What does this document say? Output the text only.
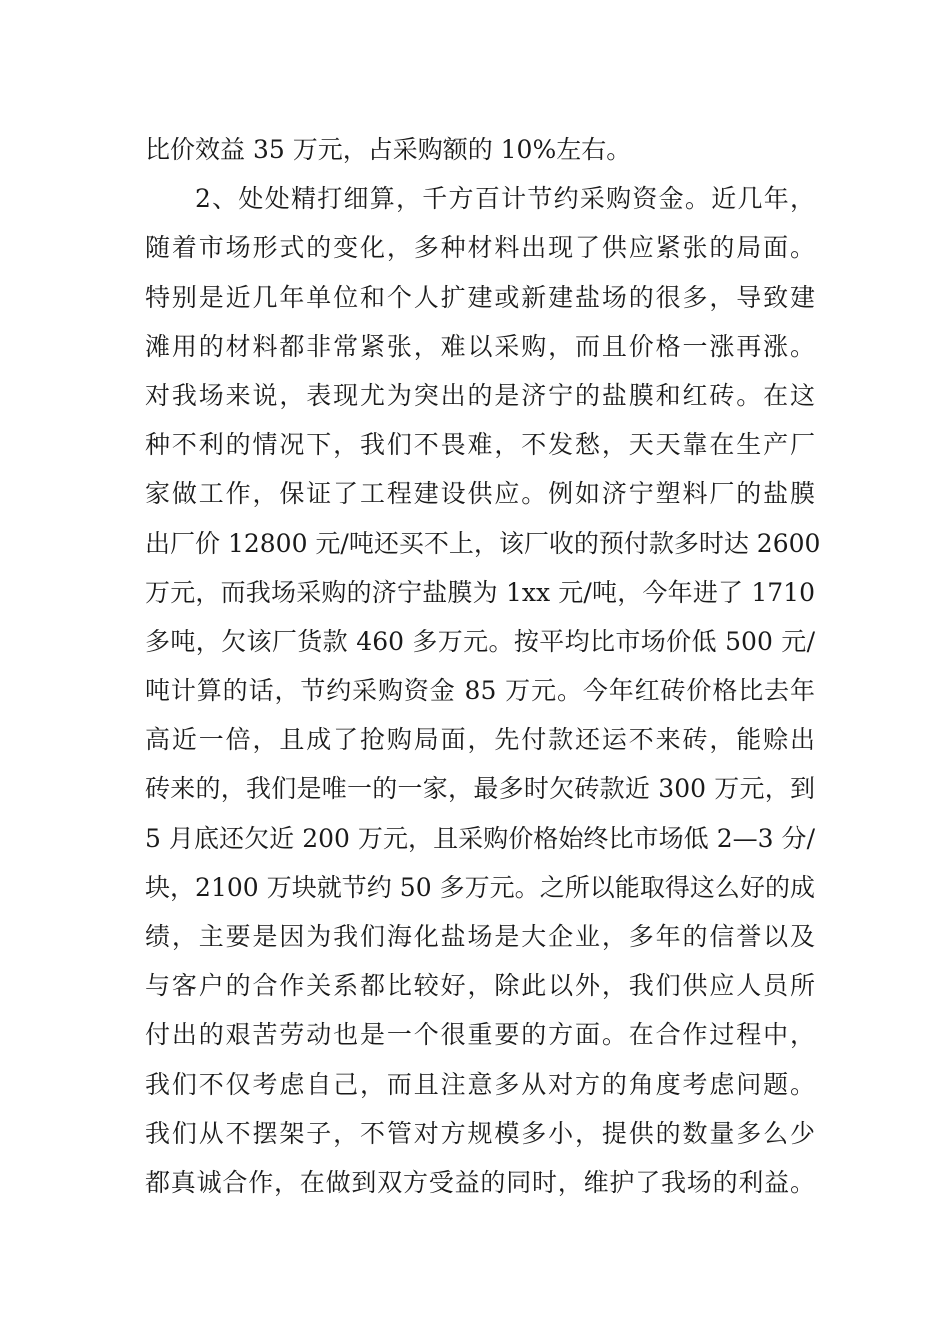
比价效益 35 万元，占采购额的 10%左右。
2、处处精打细算，千方百计节约采购资金。近几年，
随着市场形式的变化，多种材料出现了供应紧张的局面。
特别是近几年单位和个人扩建或新建盐场的很多，导致建
滩用的材料都非常紧张，难以采购，而且价格一涨再涨。
对我场来说，表现尤为突出的是济宁的盐膜和红砖。在这
种不利的情况下，我们不畏难，不发愁，天天靠在生产厂
家做工作，保证了工程建设供应。例如济宁塑料厂的盐膜
出厂价 12800 元/吨还买不上，该厂收的预付款多时达 2600
万元，而我场采购的济宁盐膜为 1xx 元/吨，今年进了 1710
多吨，欠该厂货款 460 多万元。按平均比市场价低 500 元/
吨计算的话，节约采购资金 85 万元。今年红砖价格比去年
高近一倍，且成了抢购局面，先付款还运不来砖，能赊出
砖来的，我们是唯一的一家，最多时欠砖款近 300 万元，到
5 月底还欠近 200 万元，且采购价格始终比市场低 2—3 分/
块，2100 万块就节约 50 多万元。之所以能取得这么好的成
绩，主要是因为我们海化盐场是大企业，多年的信誉以及
与客户的合作关系都比较好，除此以外，我们供应人员所
付出的艰苦劳动也是一个很重要的方面。在合作过程中，
我们不仅考虑自己，而且注意多从对方的角度考虑问题。
我们从不摆架子，不管对方规模多小，提供的数量多么少
都真诚合作，在做到双方受益的同时，维护了我场的利益。
